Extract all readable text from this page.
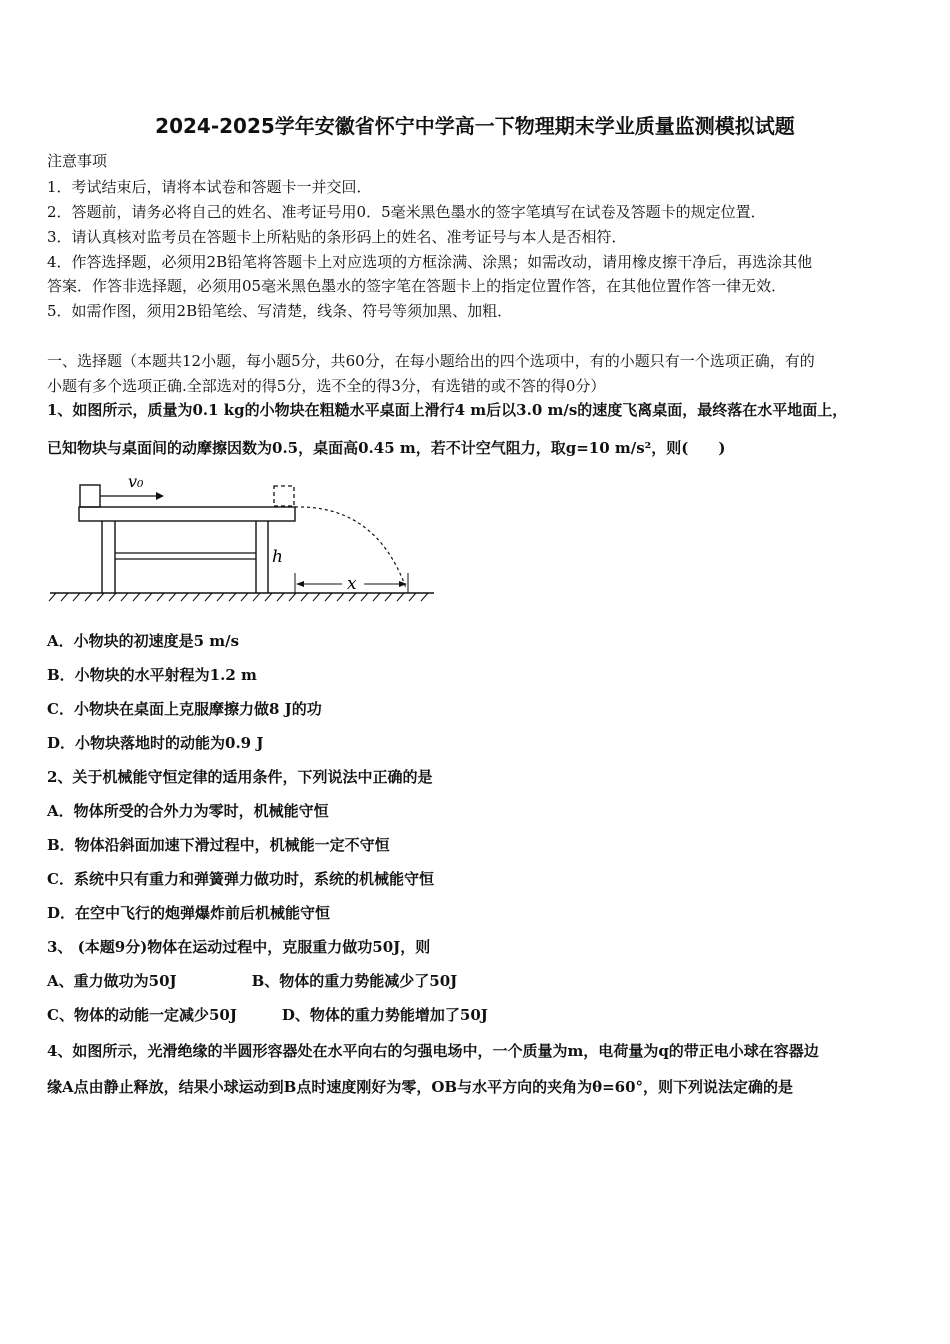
2024-2025学年安徽省怀宁中学高一下物理期末学业质量监测模拟试题
注意事项
1．考试结束后，请将本试卷和答题卡一并交回．
2．答题前，请务必将自己的姓名、准考证号用0．5毫米黑色墨水的签字笔填写在试卷及答题卡的规定位置．
3．请认真核对监考员在答题卡上所粘贴的条形码上的姓名、准考证号与本人是否相符．
4．作答选择题，必须用2B铅笔将答题卡上对应选项的方框涂满、涂黑；如需改动，请用橡皮擦干净后，再选涂其他
答案．作答非选择题，必须用05毫米黑色墨水的签字笔在答题卡上的指定位置作答，在其他位置作答一律无效．
5．如需作图，须用2B铅笔绘、写清楚，线条、符号等须加黑、加粗．
一、选择题（本题共12小题，每小题5分，共60分，在每小题给出的四个选项中，有的小题只有一个选项正确，有的
小题有多个选项正确.全部选对的得5分，选不全的得3分，有选错的或不答的得0分）
1、如图所示，质量为0.1 kg的小物块在粗糙水平桌面上滑行4 m后以3.0 m/s的速度飞离桌面，最终落在水平地面上，
已知物块与桌面间的动摩擦因数为0.5，桌面高0.45 m，若不计空气阻力，取g=10 m/s²，则(　　)
v₀
h
x
A．小物块的初速度是5 m/s
B．小物块的水平射程为1.2 m
C．小物块在桌面上克服摩擦力做8 J的功
D．小物块落地时的动能为0.9 J
2、关于机械能守恒定律的适用条件，下列说法中正确的是
A．物体所受的合外力为零时，机械能守恒
B．物体沿斜面加速下滑过程中，机械能一定不守恒
C．系统中只有重力和弹簧弹力做功时，系统的机械能守恒
D．在空中飞行的炮弹爆炸前后机械能守恒
3、 (本题9分)物体在运动过程中，克服重力做功50J，则
A、重力做功为50J　　　　　B、物体的重力势能减少了50J
C、物体的动能一定减少50J　　　D、物体的重力势能增加了50J
4、如图所示，光滑绝缘的半圆形容器处在水平向右的匀强电场中，一个质量为m，电荷量为q的带正电小球在容器边
缘A点由静止释放，结果小球运动到B点时速度刚好为零，OB与水平方向的夹角为θ=60°，则下列说法定确的是
